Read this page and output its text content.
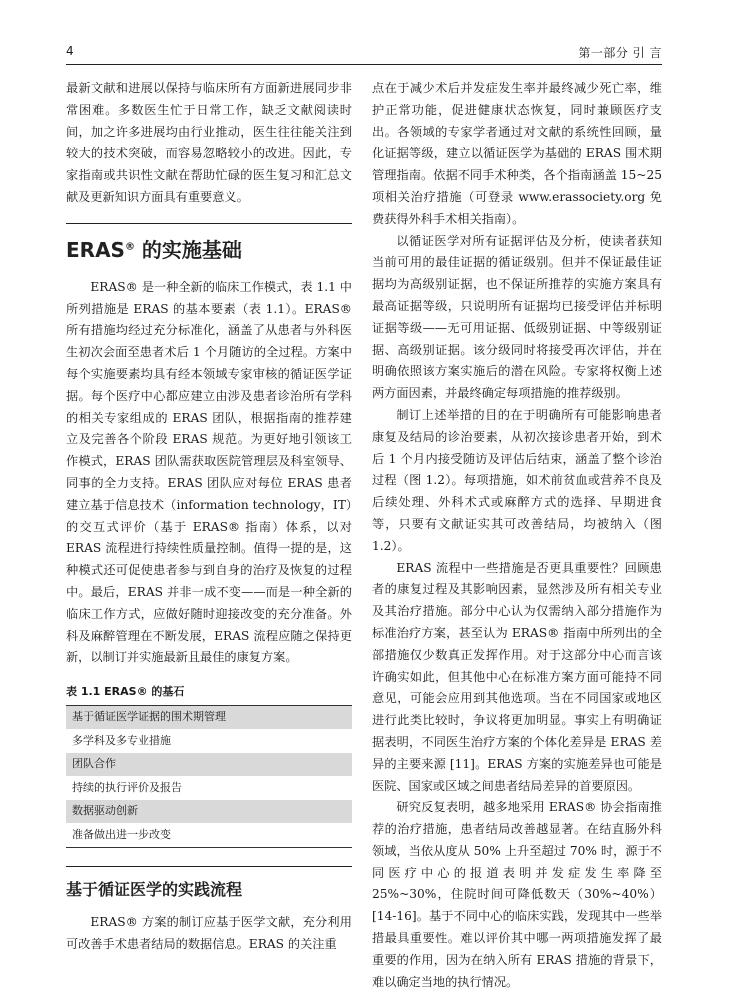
4	第一部分 引 言

最新文献和进展以保持与临床所有方面新进展同步非常困难。多数医生忙于日常工作，缺乏文献阅读时间，加之许多进展均由行业推动，医生往往能关注到较大的技术突破，而容易忽略较小的改进。因此，专家指南或共识性文献在帮助忙碌的医生复习和汇总文献及更新知识方面具有重要意义。

ERAS® 的实施基础

ERAS® 是一种全新的临床工作模式，表 1.1 中所列措施是 ERAS 的基本要素（表 1.1）。ERAS® 所有措施均经过充分标准化，涵盖了从患者与外科医生初次会面至患者术后 1 个月随访的全过程。方案中每个实施要素均具有经本领域专家审核的循证医学证据。每个医疗中心都应建立由涉及患者诊治所有学科的相关专家组成的 ERAS 团队，根据指南的推荐建立及完善各个阶段 ERAS 规范。为更好地引领该工作模式，ERAS 团队需获取医院管理层及科室领导、同事的全力支持。ERAS 团队应对每位 ERAS 患者建立基于信息技术（information technology，IT）的交互式评价（基于 ERAS® 指南）体系，以对 ERAS 流程进行持续性质量控制。值得一提的是，这种模式还可促使患者参与到自身的治疗及恢复的过程中。最后，ERAS 并非一成不变——而是一种全新的临床工作方式，应做好随时迎接改变的充分准备。外科及麻醉管理在不断发展，ERAS 流程应随之保持更新，以制订并实施最新且最佳的康复方案。

表 1.1 ERAS® 的基石
基于循证医学证据的围术期管理
多学科及多专业措施
团队合作
持续的执行评价及报告
数据驱动创新
准备做出进一步改变
基于循证医学的实践流程

ERAS® 方案的制订应基于医学文献，充分利用可改善手术患者结局的数据信息。ERAS 的关注重

点在于减少术后并发症发生率并最终减少死亡率，维护正常功能，促进健康状态恢复，同时兼顾医疗支出。各领域的专家学者通过对文献的系统性回顾，量化证据等级，建立以循证医学为基础的 ERAS 围术期管理指南。依据不同手术种类，各个指南涵盖 15~25 项相关治疗措施（可登录 www.erassociety.org 免费获得外科手术相关指南）。

以循证医学对所有证据评估及分析，使读者获知当前可用的最佳证据的循证级别。但并不保证最佳证据均为高级别证据，也不保证所推荐的实施方案具有最高证据等级，只说明所有证据均已接受评估并标明证据等级——无可用证据、低级别证据、中等级别证据、高级别证据。该分级同时将接受再次评估，并在明确依照该方案实施后的潜在风险。专家将权衡上述两方面因素，并最终确定每项措施的推荐级别。

制订上述举措的目的在于明确所有可能影响患者康复及结局的诊治要素，从初次接诊患者开始，到术后 1 个月内接受随访及评估后结束，涵盖了整个诊治过程（图 1.2）。每项措施，如术前贫血或营养不良及后续处理、外科术式或麻醉方式的选择、早期进食等，只要有文献证实其可改善结局，均被纳入（图 1.2）。

ERAS 流程中一些措施是否更具重要性？回顾患者的康复过程及其影响因素，显然涉及所有相关专业及其治疗措施。部分中心认为仅需纳入部分措施作为标准治疗方案，甚至认为 ERAS® 指南中所列出的全部措施仅少数真正发挥作用。对于这部分中心而言该许确实如此，但其他中心在标准方案方面可能持不同意见，可能会应用到其他选项。当在不同国家或地区进行此类比较时，争议将更加明显。事实上有明确证据表明，不同医生治疗方案的个体化差异是 ERAS 差异的主要来源 [11]。ERAS 方案的实施差异也可能是医院、国家或区域之间患者结局差异的首要原因。

研究反复表明，越多地采用 ERAS® 协会指南推荐的治疗措施，患者结局改善越显著。在结直肠外科领域，当依从度从 50% 上升至超过 70% 时，源于不同医疗中心的报道表明并发症发生率降至 25%~30%，住院时间可降低数天（30%~40%）[14-16]。基于不同中心的临床实践，发现其中一些举措最具重要性。难以评价其中哪一两项措施发挥了最重要的作用，因为在纳入所有 ERAS 措施的背景下，难以确定当地的执行情况。
